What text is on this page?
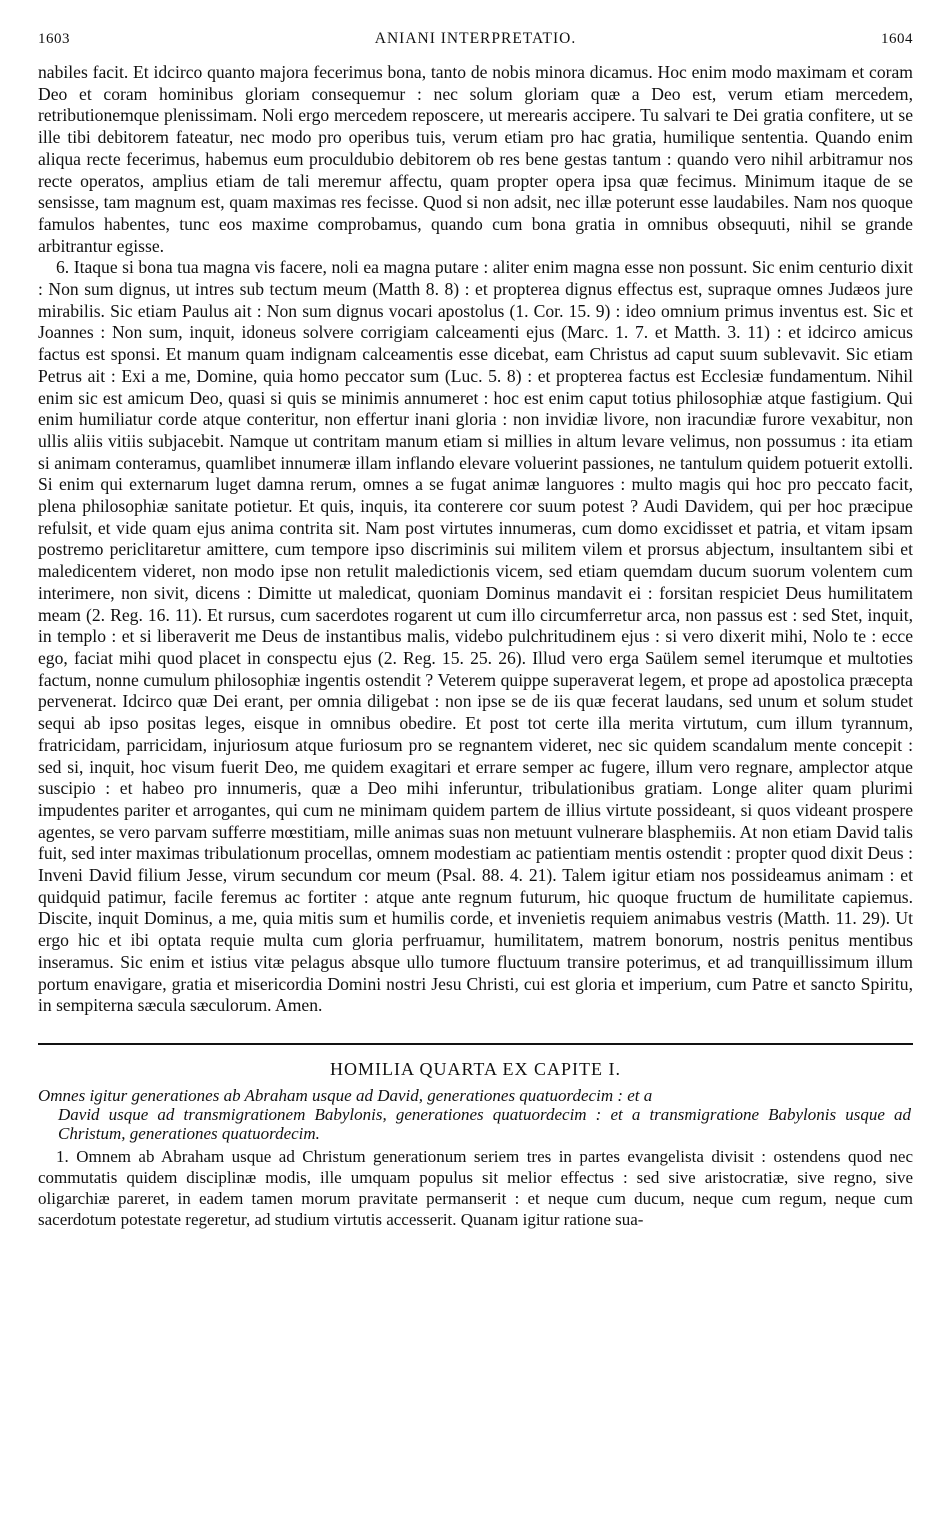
1603	ANIANI INTERPRETATIO.	1604

nabiles facit. Et idcirco quanto majora fecerimus bona, tanto de nobis minora dicamus. Hoc enim modo maximam et coram Deo et coram hominibus gloriam consequemur : nec solum gloriam quæ a Deo est, verum etiam mercedem, retributionemque plenissimam. Noli ergo mercedem reposcere, ut merearis accipere. Tu salvari te Dei gratia confitere, ut se ille tibi debitorem fateatur, nec modo pro operibus tuis, verum etiam pro hac gratia, humilique sententia. Quando enim aliqua recte fecerimus, habemus eum proculdubio debitorem ob res bene gestas tantum : quando vero nihil arbitramur nos recte operatos, amplius etiam de tali meremur affectu, quam propter opera ipsa quæ fecimus. Minimum itaque de se sensisse, tam magnum est, quam maximas res fecisse. Quod si non adsit, nec illæ poterunt esse laudabiles. Nam nos quoque famulos habentes, tunc eos maxime comprobamus, quando cum bona gratia in omnibus obsequuti, nihil se grande arbitrantur egisse.

6. Itaque si bona tua magna vis facere, noli ea magna putare : aliter enim magna esse non possunt. Sic enim centurio dixit : Non sum dignus, ut intres sub tectum meum (Matth 8. 8) : et propterea dignus effectus est, supraque omnes Judæos jure mirabilis. Sic etiam Paulus ait : Non sum dignus vocari apostolus (1. Cor. 15. 9) : ideo omnium primus inventus est. Sic et Joannes : Non sum, inquit, idoneus solvere corrigiam calceamenti ejus (Marc. 1. 7. et Matth. 3. 11) : et idcirco amicus factus est sponsi. Et manum quam indignam calceamentis esse dicebat, eam Christus ad caput suum sublevavit. Sic etiam Petrus ait : Exi a me, Domine, quia homo peccator sum (Luc. 5. 8) : et propterea factus est Ecclesiæ fundamentum. Nihil enim sic est amicum Deo, quasi si quis se minimis annumeret : hoc est enim caput totius philosophiæ atque fastigium. Qui enim humiliatur corde atque conteritur, non effertur inani gloria : non invidiæ livore, non iracundiæ furore vexabitur, non ullis aliis vitiis subjacebit. Namque ut contritam manum etiam si millies in altum levare velimus, non possumus : ita etiam si animam conteramus, quamlibet innumeræ illam inflando elevare voluerint passiones, ne tantulum quidem potuerit extolli. Si enim qui externarum luget damna rerum, omnes a se fugat animæ languores : multo magis qui hoc pro peccato facit, plena philosophiæ sanitate potietur. Et quis, inquis, ita conterere cor suum potest ? Audi Davidem, qui per hoc præcipue refulsit, et vide quam ejus anima contrita sit. Nam post virtutes innumeras, cum domo excidisset et patria, et vitam ipsam postremo periclitaretur amittere, cum tempore ipso discriminis sui militem vilem et prorsus abjectum, insultantem sibi et maledicentem videret, non modo ipse non retulit maledictionis vicem, sed etiam quemdam ducum suorum volentem cum interimere, non sivit, dicens : Dimitte ut maledicat, quoniam Dominus mandavit ei : forsitan respiciet Deus humilitatem meam (2. Reg. 16. 11). Et rursus, cum sacerdotes rogarent ut cum illo circumferretur arca, non passus est : sed Stet, inquit, in templo : et si liberaverit me Deus de instantibus malis, videbo pulchritudinem ejus : si vero dixerit mihi, Nolo te : ecce ego, faciat mihi quod placet in conspectu ejus (2. Reg. 15. 25. 26). Illud vero erga Saülem semel iterumque et multoties factum, nonne cumulum philosophiæ ingentis ostendit ? Veterem quippe superaverat legem, et prope ad apostolica præcepta pervenerat. Idcirco quæ Dei erant, per omnia diligebat : non ipse se de iis quæ fecerat laudans, sed unum et solum studet sequi ab ipso positas leges, eisque in omnibus obedire. Et post tot certe illa merita virtutum, cum illum tyrannum, fratricidam, parricidam, injuriosum atque furiosum pro se regnantem videret, nec sic quidem scandalum mente concepit : sed si, inquit, hoc visum fuerit Deo, me quidem exagitari et errare semper ac fugere, illum vero regnare, amplector atque suscipio : et habeo pro innumeris, quæ a Deo mihi inferuntur, tribulationibus gratiam. Longe aliter quam plurimi impudentes pariter et arrogantes, qui cum ne minimam quidem partem de illius virtute possideant, si quos videant prospere agentes, se vero parvam sufferre mœstitiam, mille animas suas non metuunt vulnerare blasphemiis. At non etiam David talis fuit, sed inter maximas tribulationum procellas, omnem modestiam ac patientiam mentis ostendit : propter quod dixit Deus : Inveni David filium Jesse, virum secundum cor meum (Psal. 88. 4. 21). Talem igitur etiam nos possideamus animam : et quidquid patimur, facile feremus ac fortiter : atque ante regnum futurum, hic quoque fructum de humilitate capiemus. Discite, inquit Dominus, a me, quia mitis sum et humilis corde, et invenietis requiem animabus vestris (Matth. 11. 29). Ut ergo hic et ibi optata requie multa cum gloria perfruamur, humilitatem, matrem bonorum, nostris penitus mentibus inseramus. Sic enim et istius vitæ pelagus absque ullo tumore fluctuum transire poterimus, et ad tranquillissimum illum portum enavigare, gratia et misericordia Domini nostri Jesu Christi, cui est gloria et imperium, cum Patre et sancto Spiritu, in sempiterna sæcula sæculorum. Amen.

HOMILIA QUARTA EX CAPITE I.

Omnes igitur generationes ab Abraham usque ad David, generationes quatuordecim : et a
David usque ad transmigrationem Babylonis, generationes quatuordecim : et a transmigratione Babylonis usque ad Christum, generationes quatuordecim.

1. Omnem ab Abraham usque ad Christum generationum seriem tres in partes evangelista divisit : ostendens quod nec commutatis quidem disciplinæ modis, ille umquam populus sit melior effectus : sed sive aristocratiæ, sive regno, sive oligarchiæ pareret, in eadem tamen morum pravitate permanserit : et neque cum ducum, neque cum regum, neque cum sacerdotum potestate regeretur, ad studium virtutis accesserit. Quanam igitur ratione sua-
